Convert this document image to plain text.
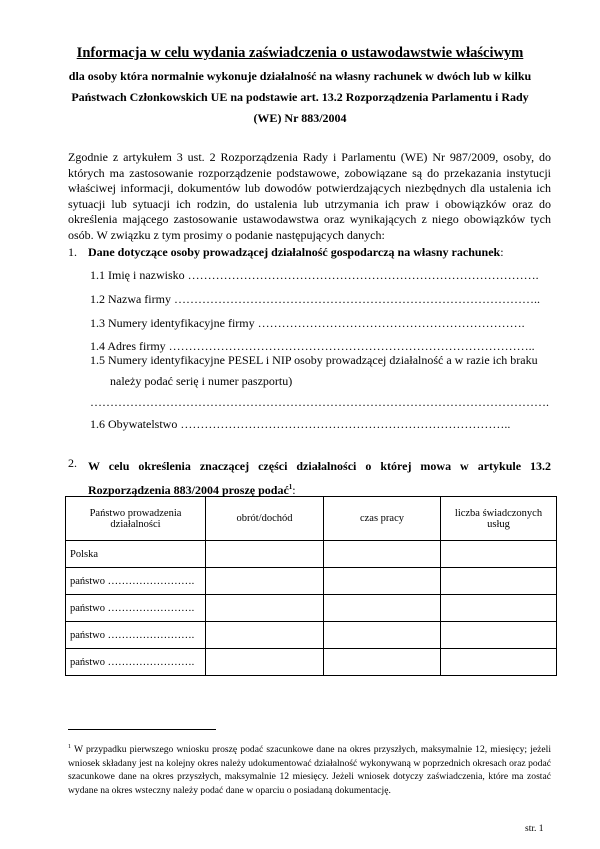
Informacja w celu wydania zaświadczenia o ustawodawstwie właściwym
dla osoby która normalnie wykonuje działalność na własny rachunek w dwóch lub w kilku
Państwach Członkowskich UE na podstawie art. 13.2 Rozporządzenia Parlamentu i Rady
(WE) Nr 883/2004
Zgodnie z artykułem 3 ust. 2 Rozporządzenia Rady i Parlamentu (WE) Nr 987/2009, osoby, do których ma zastosowanie rozporządzenie podstawowe, zobowiązane są do przekazania instytucji właściwej informacji, dokumentów lub dowodów potwierdzających niezbędnych dla ustalenia ich sytuacji lub sytuacji ich rodzin, do ustalenia lub utrzymania ich praw i obowiązków oraz do określenia mającego zastosowanie ustawodawstwa oraz wynikających z niego obowiązków tych osób. W związku z tym prosimy o podanie następujących danych:
1. Dane dotyczące osoby prowadzącej działalność gospodarczą na własny rachunek:
1.1 Imię i nazwisko …………………………………………………………………………….
1.2 Nazwa firmy ………………………………………………………………………………..
1.3 Numery identyfikacyjne firmy ………………………………………………………….
1.4 Adres firmy ………………………………………………………………………………..
1.5 Numery identyfikacyjne PESEL i NIP osoby prowadzącej działalność a w razie ich braku
należy podać serię i numer paszportu)
…………………………………………………………………………………………………….
1.6 Obywatelstwo ………………………………………………………………………..
2. W celu określenia znaczącej części działalności o której mowa w artykule 13.2 Rozporządzenia 883/2004 proszę podać$^1$:
Państwo prowadzenia działalności	obrót/dochód	czas pracy	liczba świadczonych usług
Polska			
państwo …………………….			
państwo …………………….			
państwo …………………….			
państwo …………………….			
$^1$ W przypadku pierwszego wniosku proszę podać szacunkowe dane na okres przyszłych, maksymalnie 12, miesięcy; jeżeli wniosek składany jest na kolejny okres należy udokumentować działalność wykonywaną w poprzednich okresach oraz podać szacunkowe dane na okres przyszłych, maksymalnie 12 miesięcy. Jeżeli wniosek dotyczy zaświadczenia, które ma zostać wydane na okres wsteczny należy podać dane w oparciu o posiadaną dokumentację.
str. 1
